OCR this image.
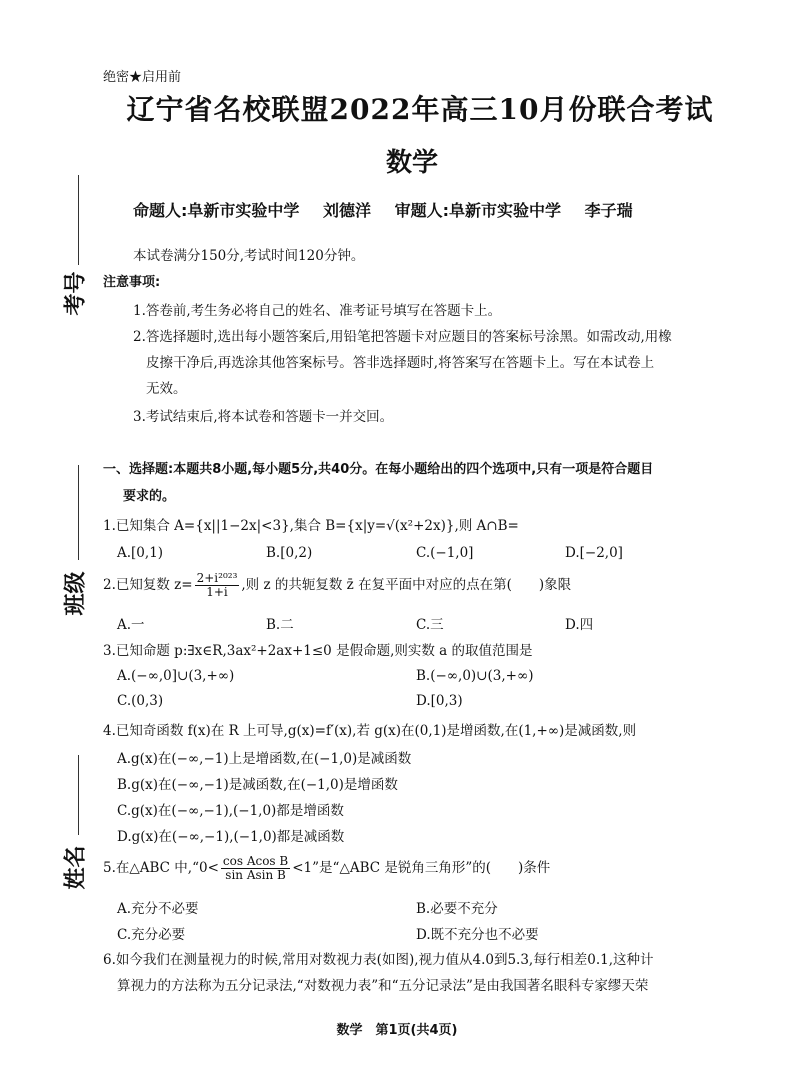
绝密★启用前
辽宁省名校联盟2022年高三10月份联合考试
数学
命题人:阜新市实验中学 刘德洋 审题人:阜新市实验中学 李子瑞
考号
班级
姓名
本试卷满分150分,考试时间120分钟。
注意事项:
1.答卷前,考生务必将自己的姓名、准考证号填写在答题卡上。
2.答选择题时,选出每小题答案后,用铅笔把答题卡对应题目的答案标号涂黑。如需改动,用橡
皮擦干净后,再选涂其他答案标号。答非选择题时,将答案写在答题卡上。写在本试卷上
无效。
3.考试结束后,将本试卷和答题卡一并交回。
一、选择题:本题共8小题,每小题5分,共40分。在每小题给出的四个选项中,只有一项是符合题目
要求的。
1.已知集合 A={x||1−2x|<3},集合 B={x|y=√(x²+2x)},则 A∩B=
A.[0,1)	B.[0,2)	C.(−1,0]	D.[−2,0]
2.已知复数 $z= \frac{\text{2+i²⁰²³}}{1+i}$ ,则 z 的共轭复数 z̄ 在复平面中对应的点在第(　　)象限
A.一	B.二	C.三	D.四
3.已知命题 p:∃x∈R,3ax²+2ax+1≤0 是假命题,则实数 a 的取值范围是
A.(−∞,0]∪(3,+∞)	B.(−∞,0)∪(3,+∞)
C.(0,3)	D.[0,3)
4.已知奇函数 f(x)在 R 上可导,g(x)=f′(x),若 g(x)在(0,1)是增函数,在(1,+∞)是减函数,则
A.g(x)在(−∞,−1)上是增函数,在(−1,0)是减函数
B.g(x)在(−∞,−1)是减函数,在(−1,0)是增函数
C.g(x)在(−∞,−1),(−1,0)都是增函数
D.g(x)在(−∞,−1),(−1,0)都是减函数
5.在△ABC 中,“0< $\frac{\text{cos Acos B}}{\text{sin Asin B}} <1$”是“△ABC 是锐角三角形”的(　　)条件
A.充分不必要	B.必要不充分
C.充分必要	D.既不充分也不必要
6.如今我们在测量视力的时候,常用对数视力表(如图),视力值从4.0到5.3,每行相差0.1,这种计
算视力的方法称为五分记录法,“对数视力表”和“五分记录法”是由我国著名眼科专家缪天荣
数学　第1页(共4页)
